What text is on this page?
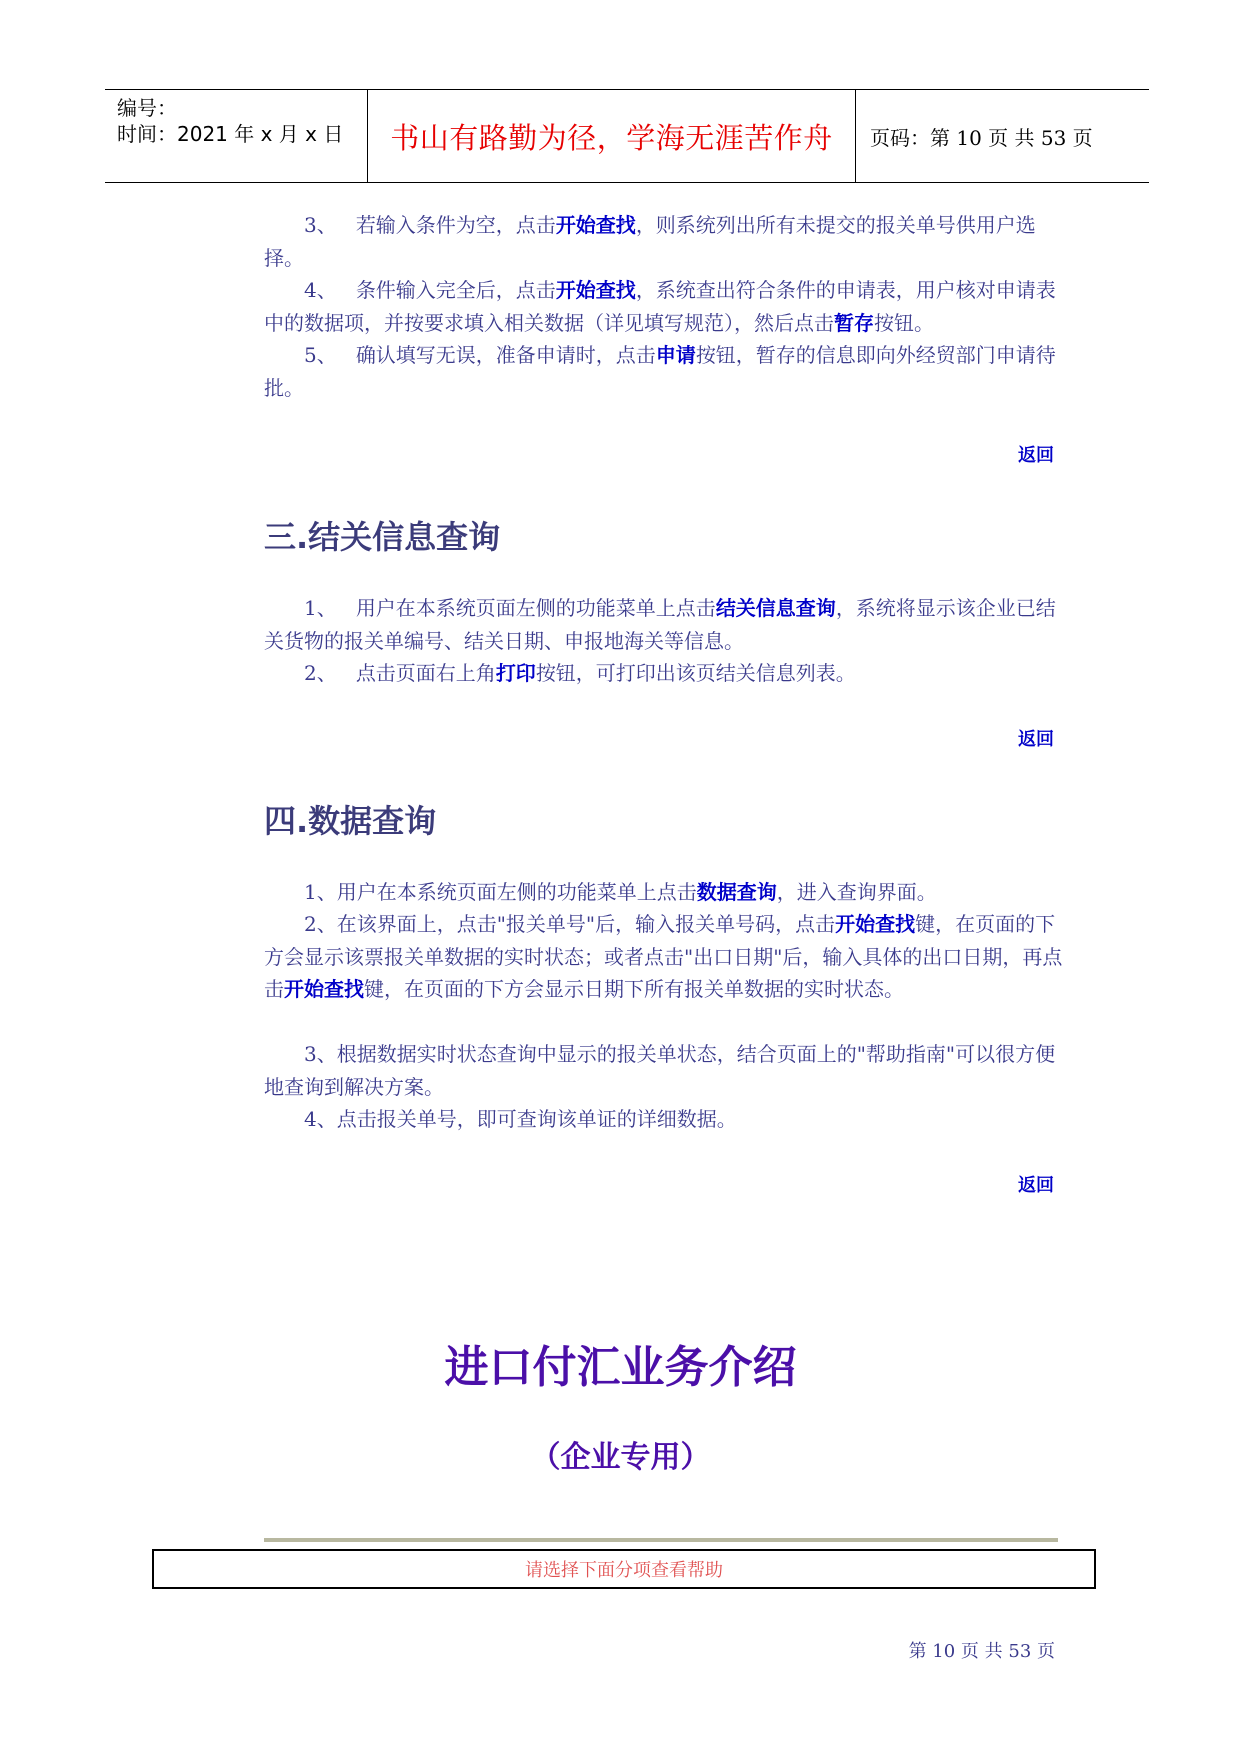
编号：
时间：2021 年 x 月 x 日 书山有路勤为径，学海无涯苦作舟 页码：第 10 页 共 53 页
3、 若输入条件为空，点击开始查找，则系统列出所有未提交的报关单号供用户选择。
4、 条件输入完全后，点击开始查找，系统查出符合条件的申请表，用户核对申请表中的数据项，并按要求填入相关数据（详见填写规范），然后点击暂存按钮。
5、 确认填写无误，准备申请时，点击申请按钮，暂存的信息即向外经贸部门申请待批。
返回
三.结关信息查询
1、 用户在本系统页面左侧的功能菜单上点击结关信息查询，系统将显示该企业已结关货物的报关单编号、结关日期、申报地海关等信息。
2、 点击页面右上角打印按钮，可打印出该页结关信息列表。
返回
四.数据查询
1、用户在本系统页面左侧的功能菜单上点击数据查询，进入查询界面。
2、在该界面上，点击"报关单号"后，输入报关单号码，点击开始查找键，在页面的下方会显示该票报关单数据的实时状态；或者点击"出口日期"后，输入具体的出口日期，再点击开始查找键，在页面的下方会显示日期下所有报关单数据的实时状态。
3、根据数据实时状态查询中显示的报关单状态，结合页面上的"帮助指南"可以很方便地查询到解决方案。
4、点击报关单号，即可查询该单证的详细数据。
返回
进口付汇业务介绍
（企业专用）
请选择下面分项查看帮助
第 10 页 共 53 页
